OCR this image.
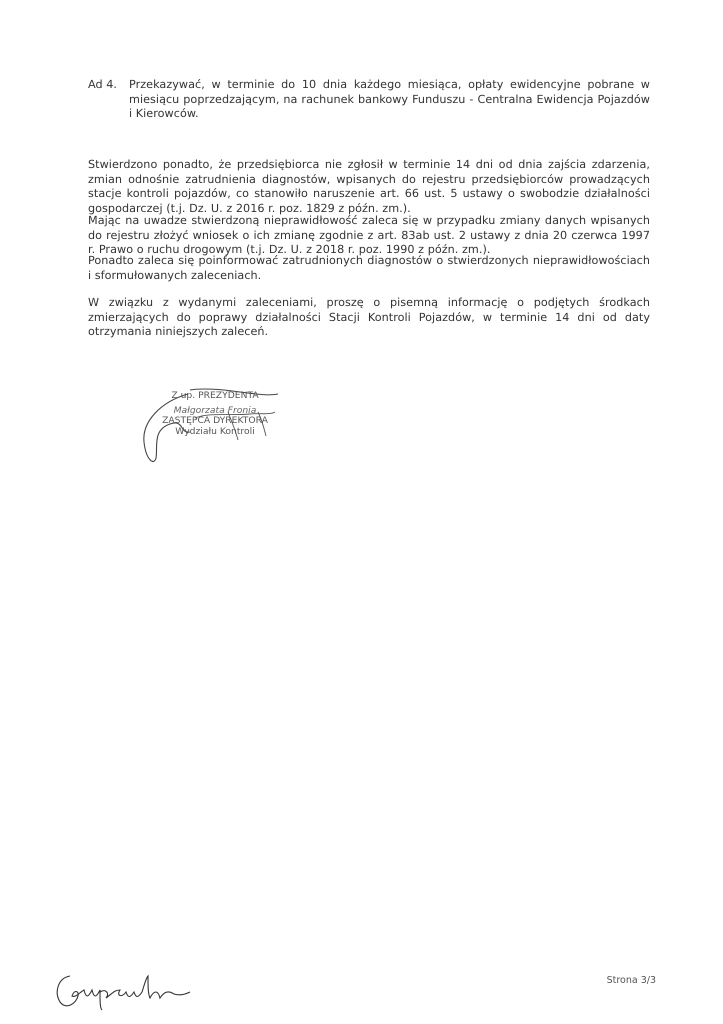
Ad 4. Przekazywać, w terminie do 10 dnia każdego miesiąca, opłaty ewidencyjne pobrane w miesiącu poprzedzającym, na rachunek bankowy Funduszu - Centralna Ewidencja Pojazdów i Kierowców.
Stwierdzono ponadto, że przedsiębiorca nie zgłosił w terminie 14 dni od dnia zajścia zdarzenia, zmian odnośnie zatrudnienia diagnostów, wpisanych do rejestru przedsiębiorców prowadzących stacje kontroli pojazdów, co stanowiło naruszenie art. 66 ust. 5 ustawy o swobodzie działalności gospodarczej (t.j. Dz. U. z 2016 r. poz. 1829 z późn. zm.).
Mając na uwadze stwierdzoną nieprawidłowość zaleca się w przypadku zmiany danych wpisanych do rejestru złożyć wniosek o ich zmianę zgodnie z art. 83ab ust. 2 ustawy z dnia 20 czerwca 1997 r. Prawo o ruchu drogowym (t.j. Dz. U. z 2018 r. poz. 1990 z późn. zm.).
Ponadto zaleca się poinformować zatrudnionych diagnostów o stwierdzonych nieprawidłowościach i sformułowanych zaleceniach.
W związku z wydanymi zaleceniami, proszę o pisemną informację o podjętych środkach zmierzających do poprawy działalności Stacji Kontroli Pojazdów, w terminie 14 dni od daty otrzymania niniejszych zaleceń.
Z up. PREZYDENTA
Małgorzata Fronia
ZASTĘPCA DYREKTORA
Wydziału Kontroli
Strona 3/3
